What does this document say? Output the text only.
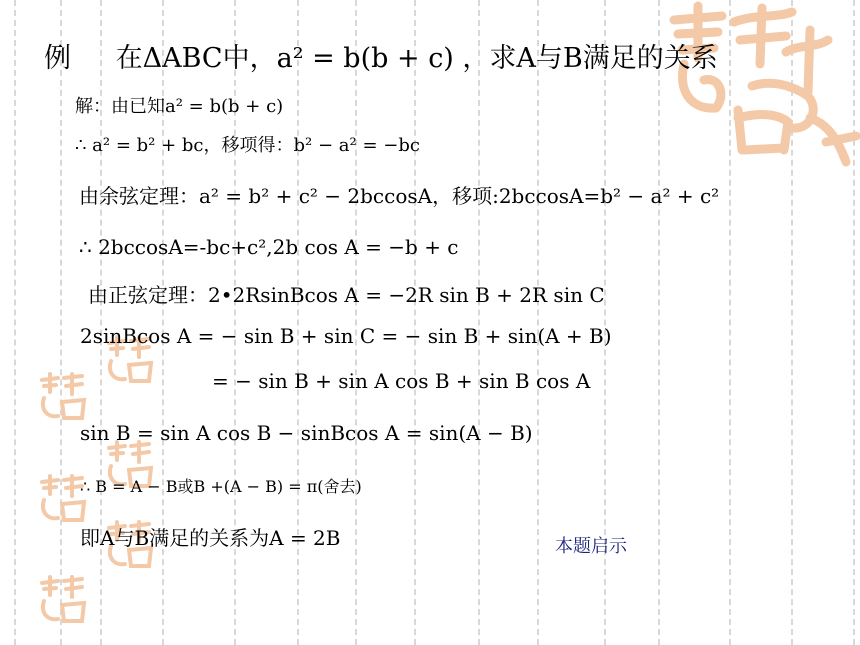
例 在ΔABC中，a² = b(b + c) ，求A与B满足的关系
解：由已知a² = b(b + c)
∴ a² = b² + bc，移项得：b² − a² = −bc
由余弦定理：a² = b² + c² − 2bccosA，移项:2bccosA=b² − a² + c²
∴ 2bccosA=-bc+c²,2b cos A = −b + c
由正弦定理：2•2RsinBcos A = −2R sin B + 2R sin C
2sinBcos A = − sin B + sin C = − sin B + sin(A + B)
= − sin B + sin A cos B + sin B cos A
sin B = sin A cos B − sinBcos A = sin(A − B)
∴ B = A − B或B +(A − B) = π(舍去)
即A与B满足的关系为A = 2B	本题启示
